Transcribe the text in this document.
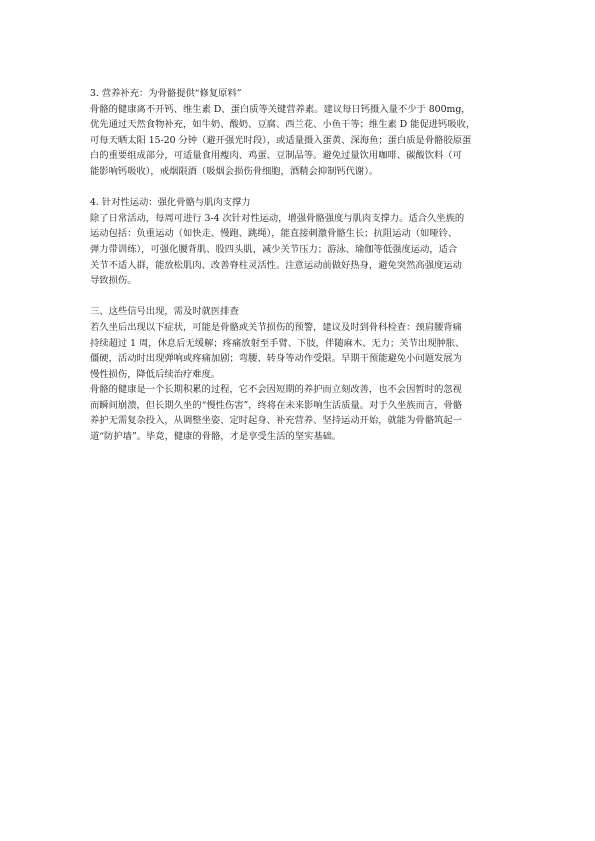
3. 营养补充：为骨骼提供“修复原料”

骨骼的健康离不开钙、维生素 D、蛋白质等关键营养素。建议每日钙摄入量不少于 800mg，
优先通过天然食物补充，如牛奶、酸奶、豆腐、西兰花、小鱼干等；维生素 D 能促进钙吸收，
可每天晒太阳 15-20 分钟（避开强光时段），或适量摄入蛋黄、深海鱼；蛋白质是骨骼胶原蛋
白的重要组成部分，可适量食用瘦肉、鸡蛋、豆制品等。避免过量饮用咖啡、碳酸饮料（可
能影响钙吸收），戒烟限酒（吸烟会损伤骨细胞，酒精会抑制钙代谢）。

4. 针对性运动：强化骨骼与肌肉支撑力

除了日常活动，每周可进行 3-4 次针对性运动，增强骨骼强度与肌肉支撑力。适合久坐族的
运动包括：负重运动（如快走、慢跑、跳绳），能直接刺激骨骼生长；抗阻运动（如哑铃、
弹力带训练），可强化腰背肌、股四头肌，减少关节压力；游泳、瑜伽等低强度运动，适合
关节不适人群，能放松肌肉、改善脊柱灵活性。注意运动前做好热身，避免突然高强度运动
导致损伤。

三、这些信号出现，需及时就医排查

若久坐后出现以下症状，可能是骨骼或关节损伤的预警，建议及时到骨科检查：颈肩腰背痛
持续超过 1 周，休息后无缓解；疼痛放射至手臂、下肢，伴随麻木、无力；关节出现肿胀、
僵硬，活动时出现弹响或疼痛加剧；弯腰、转身等动作受限。早期干预能避免小问题发展为
慢性损伤，降低后续治疗难度。

骨骼的健康是一个长期积累的过程，它不会因短期的养护而立刻改善，也不会因暂时的忽视
而瞬间崩溃，但长期久坐的“慢性伤害”，终将在未来影响生活质量。对于久坐族而言，骨骼
养护无需复杂投入，从调整坐姿、定时起身、补充营养、坚持运动开始，就能为骨骼筑起一
道“防护墙”。毕竟，健康的骨骼，才是享受生活的坚实基础。
